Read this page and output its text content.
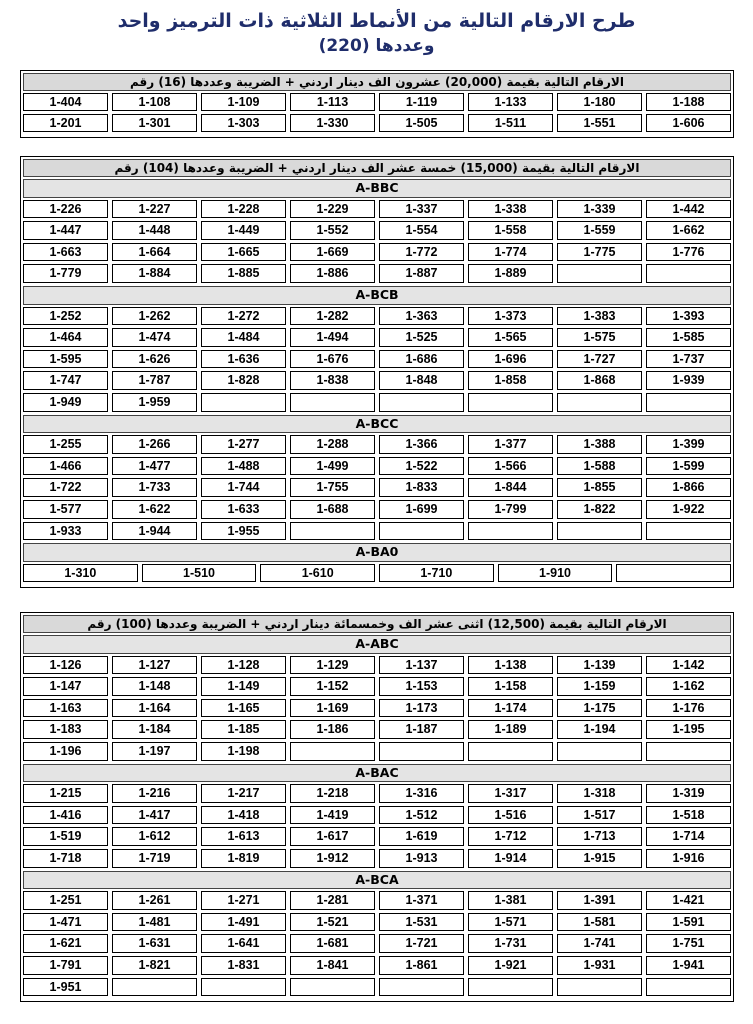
طرح الارقام التالية من الأنماط الثلاثية ذات الترميز واحد
وعددها (220)
الارقام التالية بقيمة (20,000) عشرون الف دينار اردني + الضريبة وعددها (16) رقم
1-404	1-108	1-109	1-113	1-119	1-133	1-180	1-188
1-201	1-301	1-303	1-330	1-505	1-511	1-551	1-606
الارقام التالية بقيمة (15,000) خمسة عشر الف دينار اردني + الضريبة وعددها (104) رقم
A-BBC
1-226	1-227	1-228	1-229	1-337	1-338	1-339	1-442
1-447	1-448	1-449	1-552	1-554	1-558	1-559	1-662
1-663	1-664	1-665	1-669	1-772	1-774	1-775	1-776
1-779	1-884	1-885	1-886	1-887	1-889
A-BCB
1-252	1-262	1-272	1-282	1-363	1-373	1-383	1-393
1-464	1-474	1-484	1-494	1-525	1-565	1-575	1-585
1-595	1-626	1-636	1-676	1-686	1-696	1-727	1-737
1-747	1-787	1-828	1-838	1-848	1-858	1-868	1-939
1-949	1-959
A-BCC
1-255	1-266	1-277	1-288	1-366	1-377	1-388	1-399
1-466	1-477	1-488	1-499	1-522	1-566	1-588	1-599
1-722	1-733	1-744	1-755	1-833	1-844	1-855	1-866
1-577	1-622	1-633	1-688	1-699	1-799	1-822	1-922
1-933	1-944	1-955
A-BA0
1-310	1-510	1-610	1-710	1-910
الارقام التالية بقيمة (12,500) اثنى عشر الف وخمسمائة دينار اردني + الضريبة وعددها (100) رقم
A-ABC
1-126	1-127	1-128	1-129	1-137	1-138	1-139	1-142
1-147	1-148	1-149	1-152	1-153	1-158	1-159	1-162
1-163	1-164	1-165	1-169	1-173	1-174	1-175	1-176
1-183	1-184	1-185	1-186	1-187	1-189	1-194	1-195
1-196	1-197	1-198
A-BAC
1-215	1-216	1-217	1-218	1-316	1-317	1-318	1-319
1-416	1-417	1-418	1-419	1-512	1-516	1-517	1-518
1-519	1-612	1-613	1-617	1-619	1-712	1-713	1-714
1-718	1-719	1-819	1-912	1-913	1-914	1-915	1-916
A-BCA
1-251	1-261	1-271	1-281	1-371	1-381	1-391	1-421
1-471	1-481	1-491	1-521	1-531	1-571	1-581	1-591
1-621	1-631	1-641	1-681	1-721	1-731	1-741	1-751
1-791	1-821	1-831	1-841	1-861	1-921	1-931	1-941
1-951
